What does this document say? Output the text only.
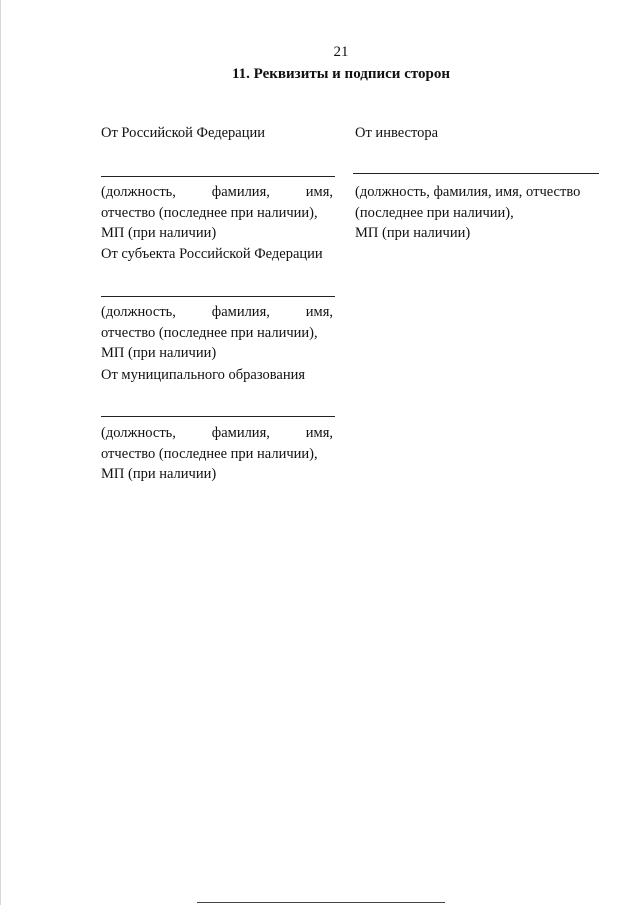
21
11. Реквизиты и подписи сторон
От Российской Федерации
(должность, фамилия, имя,
отчество (последнее при наличии),
МП (при наличии)
От инвестора
(должность, фамилия, имя, отчество
(последнее при наличии),
МП (при наличии)
От субъекта Российской Федерации
(должность, фамилия, имя,
отчество (последнее при наличии),
МП (при наличии)
От муниципального образования
(должность, фамилия, имя,
отчество (последнее при наличии),
МП (при наличии)
